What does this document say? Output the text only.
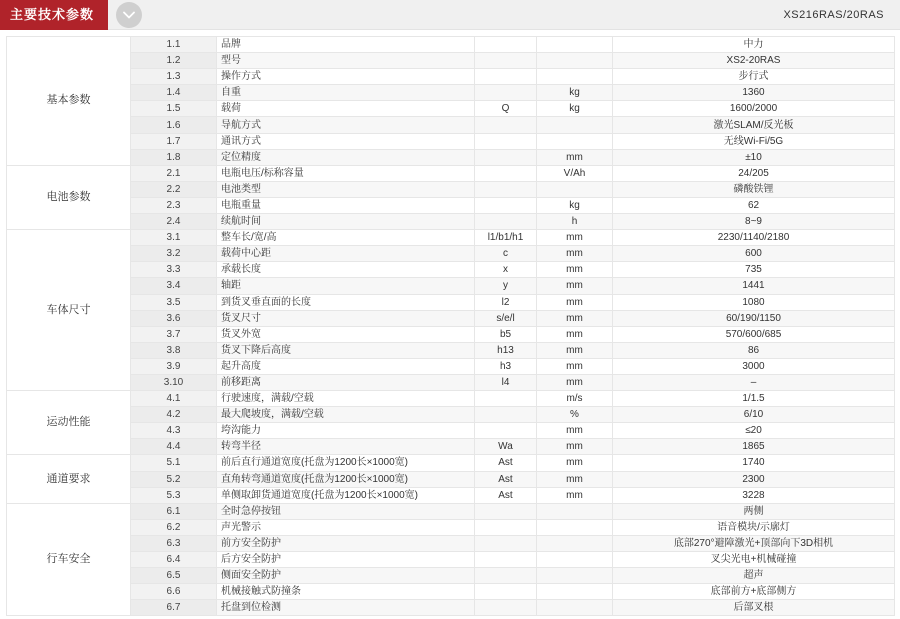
主要技术参数	XS216RAS/20RAS
基本参数	1.1	品牌			中力
	1.2	型号			XS2-20RAS
	1.3	操作方式			步行式
	1.4	自重		kg	1360
	1.5	载荷	Q	kg	1600/2000
	1.6	导航方式			激光SLAM/反光板
	1.7	通讯方式			无线Wi-Fi/5G
	1.8	定位精度		mm	±10
电池参数	2.1	电瓶电压/标称容量		V/Ah	24/205
	2.2	电池类型			磷酸铁锂
	2.3	电瓶重量		kg	62
	2.4	续航时间		h	8~9
车体尺寸	3.1	整车长/宽/高	l1/b1/h1	mm	2230/1140/2180
	3.2	载荷中心距	c	mm	600
	3.3	承载长度	x	mm	735
	3.4	轴距	y	mm	1441
	3.5	到货叉垂直面的长度	l2	mm	1080
	3.6	货叉尺寸	s/e/l	mm	60/190/1150
	3.7	货叉外宽	b5	mm	570/600/685
	3.8	货叉下降后高度	h13	mm	86
	3.9	起升高度	h3	mm	3000
	3.10	前移距离	l4	mm	–
运动性能	4.1	行驶速度，满载/空载		m/s	1/1.5
	4.2	最大爬坡度，满载/空载		%	6/10
	4.3	垮沟能力		mm	≤20
	4.4	转弯半径	Wa	mm	1865
通道要求	5.1	前后直行通道宽度(托盘为1200长×1000宽)	Ast	mm	1740
	5.2	直角转弯通道宽度(托盘为1200长×1000宽)	Ast	mm	2300
	5.3	单侧取卸货通道宽度(托盘为1200长×1000宽)	Ast	mm	3228
行车安全	6.1	全时急停按钮			两侧
	6.2	声光警示			语音模块/示廓灯
	6.3	前方安全防护			底部270°避障激光+顶部向下3D相机
	6.4	后方安全防护			叉尖光电+机械碰撞
	6.5	侧面安全防护			超声
	6.6	机械接触式防撞条			底部前方+底部侧方
	6.7	托盘到位检测			后部叉根
